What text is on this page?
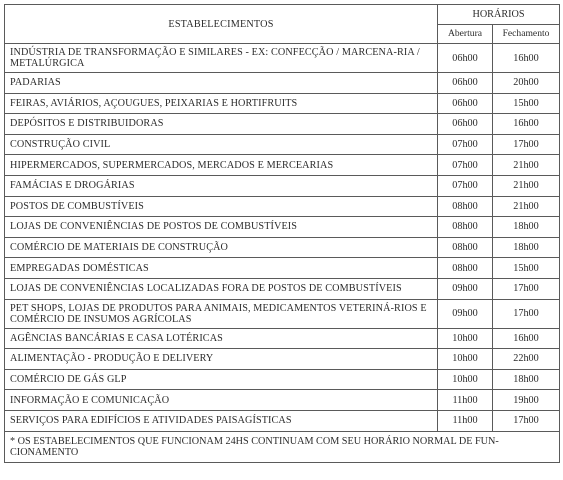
ESTABELECIMENTOS	HORÁRIOS	
	Abertura	Fechamento
INDÚSTRIA DE TRANSFORMAÇÃO E SIMILARES - EX: CONFECÇÃO / MARCENA-RIA / METALÚRGICA	06h00	16h00
PADARIAS	06h00	20h00
FEIRAS, AVIÁRIOS, AÇOUGUES, PEIXARIAS E HORTIFRUITS	06h00	15h00
DEPÓSITOS E DISTRIBUIDORAS	06h00	16h00
CONSTRUÇÃO CIVIL	07h00	17h00
HIPERMERCADOS, SUPERMERCADOS, MERCADOS E MERCEARIAS	07h00	21h00
FAMÁCIAS E DROGÁRIAS	07h00	21h00
POSTOS DE COMBUSTÍVEIS	08h00	21h00
LOJAS DE CONVENIÊNCIAS DE POSTOS DE COMBUSTÍVEIS	08h00	18h00
COMÉRCIO DE MATERIAIS DE CONSTRUÇÃO	08h00	18h00
EMPREGADAS DOMÉSTICAS	08h00	15h00
LOJAS DE CONVENIÊNCIAS LOCALIZADAS FORA DE POSTOS DE COMBUSTÍVEIS	09h00	17h00
PET SHOPS, LOJAS DE PRODUTOS PARA ANIMAIS, MEDICAMENTOS VETERINÁ-RIOS E COMÉRCIO DE INSUMOS AGRÍCOLAS	09h00	17h00
AGÊNCIAS BANCÁRIAS E CASA LOTÉRICAS	10h00	16h00
ALIMENTAÇÃO - PRODUÇÃO E DELIVERY	10h00	22h00
COMÉRCIO DE GÁS GLP	10h00	18h00
INFORMAÇÃO E COMUNICAÇÃO	11h00	19h00
SERVIÇOS PARA EDIFÍCIOS E ATIVIDADES PAISAGÍSTICAS	11h00	17h00
* OS ESTABELECIMENTOS QUE FUNCIONAM 24HS CONTINUAM COM SEU HORÁRIO NORMAL DE FUN-CIONAMENTO		
